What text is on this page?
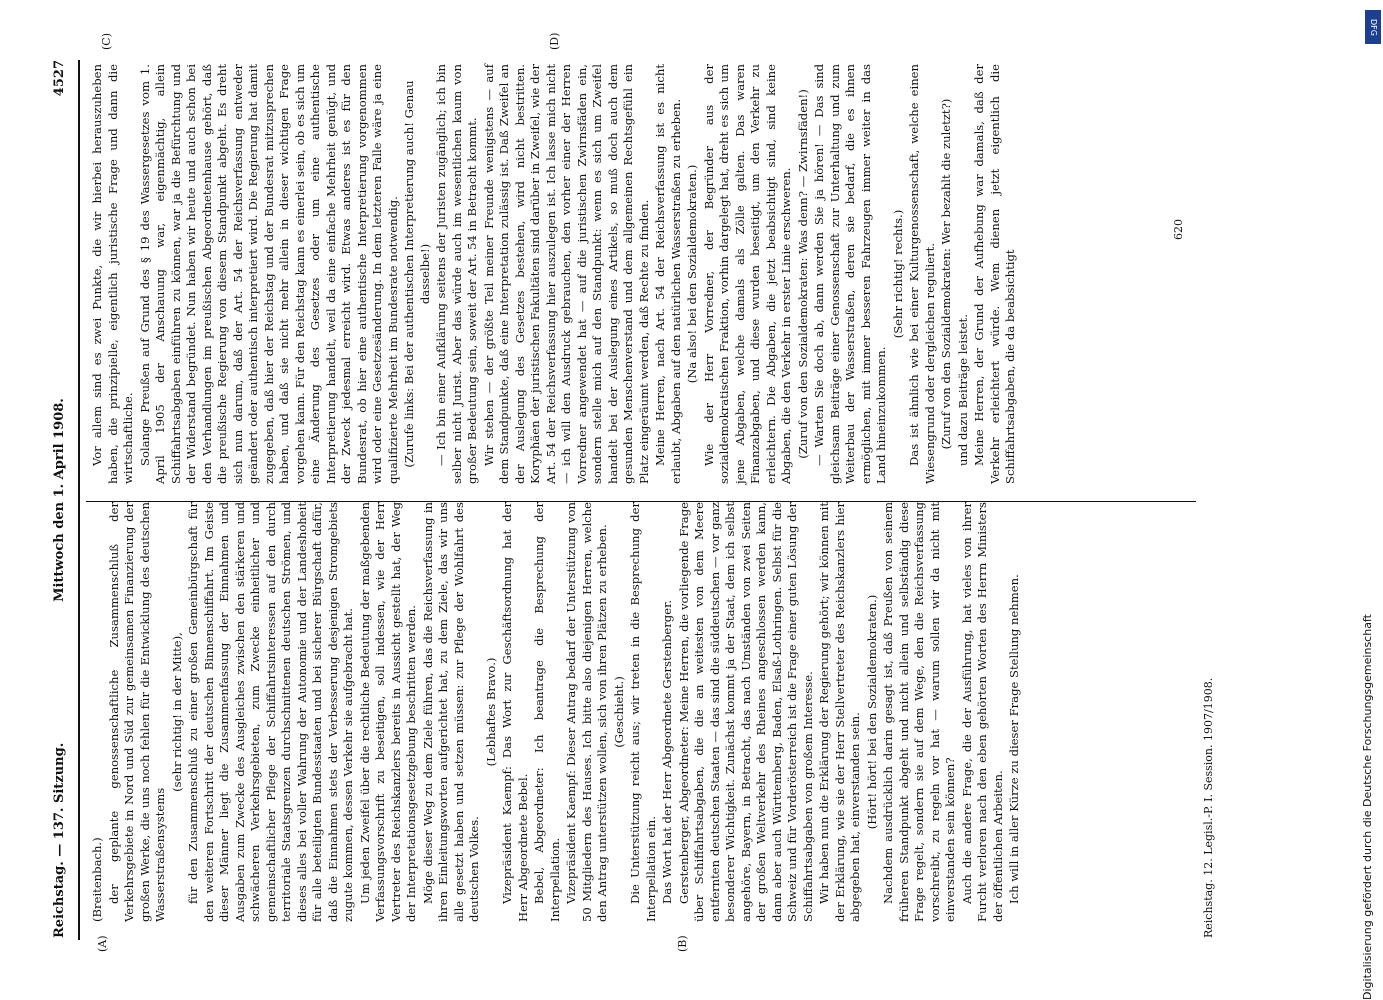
Reichstag. — 137. Sitzung.
Mittwoch den 1. April 1908.
4527
(A)	(B)
(C)	(D)

(Breitenbach.) der geplante genossenschaftliche Zusammenschluß der Verkehrsgebiete in Nord und Süd zur gemeinsamen Finanzierung der großen Werke, die uns noch fehlen für die Entwicklung des deutschen Wasserstraßensystems

(sehr richtig! in der Mitte), für den Zusammenschluß zu einer großen Gemeinbürgschaft für den weiteren Fortschritt der deutschen Binnenschiffahrt. Im Geiste dieser Männer liegt die Zusammenfassung der Einnahmen und Ausgaben zum Zwecke des Ausgleiches zwischen den stärkeren und schwächeren Verkehrsgebieten, zum Zwecke einheitlicher und gemeinschaftlicher Pflege der Schiffahrtsinteressen auf den durch territoriale Staatsgrenzen durchschnittenen deutschen Strömen, und dieses alles bei voller Wahrung der Autonomie und der Landeshoheit für alle beteiligten Bundesstaaten und bei sicherer Bürgschaft dafür, daß die Einnahmen stets der Verbesserung desjenigen Stromgebiets zugute kommen, dessen Verkehr sie aufgebracht hat. Um jeden Zweifel über die rechtliche Bedeutung der maßgebenden Verfassungsvorschrift zu beseitigen, soll indessen, wie der Herr Vertreter des Reichskanzlers bereits in Aussicht gestellt hat, der Weg der Interpretationsgesetzgebung beschritten werden. Möge dieser Weg zu dem Ziele führen, das die Reichsverfassung in ihren Einleitungsworten aufgerichtet hat, zu dem Ziele, das wir uns alle gesetzt haben und setzen müssen: zur Pflege der Wohlfahrt des deutschen Volkes.

(Lebhaftes Bravo.) Vizepräsident Kaempf: Das Wort zur Geschäftsordnung hat der Herr Abgeordnete Bebel. Bebel, Abgeordneter: Ich beantrage die Besprechung der Interpellation. Vizepräsident Kaempf: Dieser Antrag bedarf der Unterstützung von 50 Mitgliedern des Hauses. Ich bitte also diejenigen Herren, welche den Antrag unterstützen wollen, sich von ihren Plätzen zu erheben. (Geschieht.) Die Unterstützung reicht aus; wir treten in die Besprechung der Interpellation ein. Das Wort hat der Herr Abgeordnete Gerstenberger. Gerstenberger, Abgeordneter: Meine Herren, die vorliegende Frage über Schiffahrtsabgaben, die die an weitesten von dem Meere entfernten deutschen Staaten — das sind die süddeutschen — vor ganz besonderer Wichtigkeit. Zunächst kommt ja der Staat, dem ich selbst angehöre, Bayern, in Betracht, das nach Umständen von zwei Seiten der großen Weltverkehr des Rheines angeschlossen werden kann, dann aber auch Württemberg, Baden, Elsaß-Lothringen. Selbst für die Schweiz und für Vorderösterreich ist die Frage einer guten Lösung der Schiffahrtsabgaben von großem Interesse. Wir haben nun die Erklärung der Regierung gehört; wir können mit der Erklärung, wie sie der Herr Stellvertreter des Reichskanzlers hier abgegeben hat, einverstanden sein. (Hört! hört! bei den Sozialdemokraten.) Nachdem ausdrücklich darin gesagt ist, daß Preußen von seinem früheren Standpunkt abgeht und nicht allein und selbständig diese Frage regelt, sondern sie auf dem Wege, den die Reichsverfassung vorschreibt, zu regeln vor hat — warum sollen wir da nicht mit einverstanden sein können? Auch die andere Frage, die der Ausführung, hat vieles von ihrer Furcht verloren nach den eben gehörten Worten des Herrn Ministers der öffentlichen Arbeiten. Ich will in aller Kürze zu dieser Frage Stellung nehmen.

Vor allem sind es zwei Punkte, die wir hierbei herauszuheben haben, die prinzipielle, eigentlich juristische Frage und dann die wirtschaftliche. Solange Preußen auf Grund des § 19 des Wassergesetzes vom 1. April 1905 der Anschauung war, eigenmächtig, allein Schiffahrtsabgaben einführen zu können, war ja die Befürchtung und der Widerstand begründet. Nun haben wir heute und auch schon bei den Verhandlungen im preußischen Abgeordnetenhause gehört, daß die preußische Regierung von diesem Standpunkt abgeht. Es dreht sich nun darum, daß der Art. 54 der Reichsverfassung entweder geändert oder authentisch interpretiert wird. Die Regierung hat damit zugegeben, daß hier der Reichstag und der Bundesrat mitzusprechen haben, und daß sie nicht mehr allein in dieser wichtigen Frage vorgehen kann. Für den Reichstag kann es einerlei sein, ob es sich um eine Änderung des Gesetzes oder um eine authentische Interpretierung handelt, weil da eine einfache Mehrheit genügt, und der Zweck jedesmal erreicht wird. Etwas anderes ist es für den Bundesrat, ob hier eine authentische Interpretierung vorgenommen wird oder eine Gesetzesänderung. In dem letzteren Falle wäre ja eine qualifizierte Mehrheit im Bundesrate notwendig. (Zurufe links: Bei der authentischen Interpretierung auch! Genau dasselbe!) — Ich bin einer Aufklärung seitens der Juristen zugänglich; ich bin selber nicht Jurist. Aber das würde auch im wesentlichen kaum von großer Bedeutung sein, soweit der Art. 54 in Betracht kommt. Wir stehen — der größte Teil meiner Freunde wenigstens — auf dem Standpunkte, daß eine Interpretation zulässig ist. Daß Zweifel an der Auslegung des Gesetzes bestehen, wird nicht bestritten. Koryphäen der juristischen Fakultäten sind darüber in Zweifel, wie der Art. 54 der Reichsverfassung hier auszulegen ist. Ich lasse mich nicht — ich will den Ausdruck gebrauchen, den vorher einer der Herren Vorredner angewendet hat — auf die juristischen Zwirnsfäden ein, sondern stelle mich auf den Standpunkt: wenn es sich um Zweifel handelt bei der Auslegung eines Artikels, so muß doch auch dem gesunden Menschenverstand und dem allgemeinen Rechtsgefühl ein Platz eingeräumt werden, daß Rechte zu finden. Meine Herren, nach Art. 54 der Reichsverfassung ist es nicht erlaubt, Abgaben auf den natürlichen Wasserstraßen zu erheben. (Na also! bei den Sozialdemokraten.) Wie der Herr Vorredner, der Begründer aus der sozialdemokratischen Fraktion, vorhin dargelegt hat, dreht es sich um jene Abgaben, welche damals als Zölle galten. Das waren Finanzabgaben, und diese wurden beseitigt, um den Verkehr zu erleichtern. Die Abgaben, die jetzt beabsichtigt sind, sind keine Abgaben, die den Verkehr in erster Linie erschweren. (Zuruf von den Sozialdemokraten: Was denn? — Zwirnsfäden!) — Warten Sie doch ab, dann werden Sie ja hören! — Das sind gleichsam Beiträge einer Genossenschaft zur Unterhaltung und zum Weiterbau der Wasserstraßen, deren sie bedarf, die es ihnen ermöglichen, mit immer besseren Fahrzeugen immer weiter in das Land hineinzukommen.

(Sehr richtig! rechts.) Das ist ähnlich wie bei einer Kulturgenossenschaft, welche einen Wiesengrund oder dergleichen reguliert. (Zuruf von den Sozialdemokraten: Wer bezahlt die zuletzt?) und dazu Beiträge leistet. Meine Herren, der Grund der Aufhebung war damals, daß der Verkehr erleichtert würde. Wem dienen jetzt eigentlich die Schiffahrtsabgaben, die da beabsichtigt

Reichstag. 12. Legisl.-P. I. Session. 1907/1908.
620
Digitalisierung gefördert durch die Deutsche Forschungsgemeinschaft
DFG
